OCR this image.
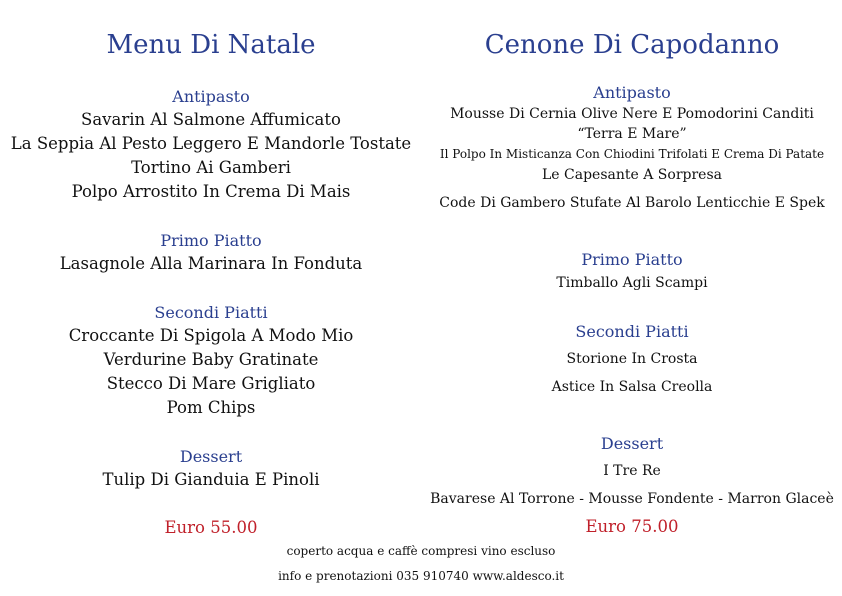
Menu Di Natale
Antipasto
Savarin Al Salmone Affumicato
La Seppia Al Pesto Leggero E Mandorle Tostate
Tortino Ai Gamberi
Polpo Arrostito In Crema Di Mais
Primo Piatto
Lasagnole Alla Marinara In Fonduta
Secondi Piatti
Croccante Di Spigola A Modo Mio
Verdurine Baby Gratinate
Stecco Di Mare Grigliato
Pom Chips
Dessert
Tulip Di Gianduia E Pinoli
Euro 55.00
Cenone Di Capodanno
Antipasto
Mousse Di Cernia Olive Nere E Pomodorini Canditi
“Terra E Mare”
Il Polpo In Misticanza Con Chiodini Trifolati E Crema Di Patate
Le Capesante A Sorpresa
Code Di Gambero Stufate Al Barolo Lenticchie E Spek
Primo Piatto
Timballo Agli Scampi
Secondi Piatti
Storione In Crosta
Astice In Salsa Creolla
Dessert
I Tre Re
Bavarese Al Torrone - Mousse Fondente - Marron Glaceè
Euro 75.00
coperto acqua e caffè compresi vino escluso
info e prenotazioni 035 910740 www.aldesco.it
